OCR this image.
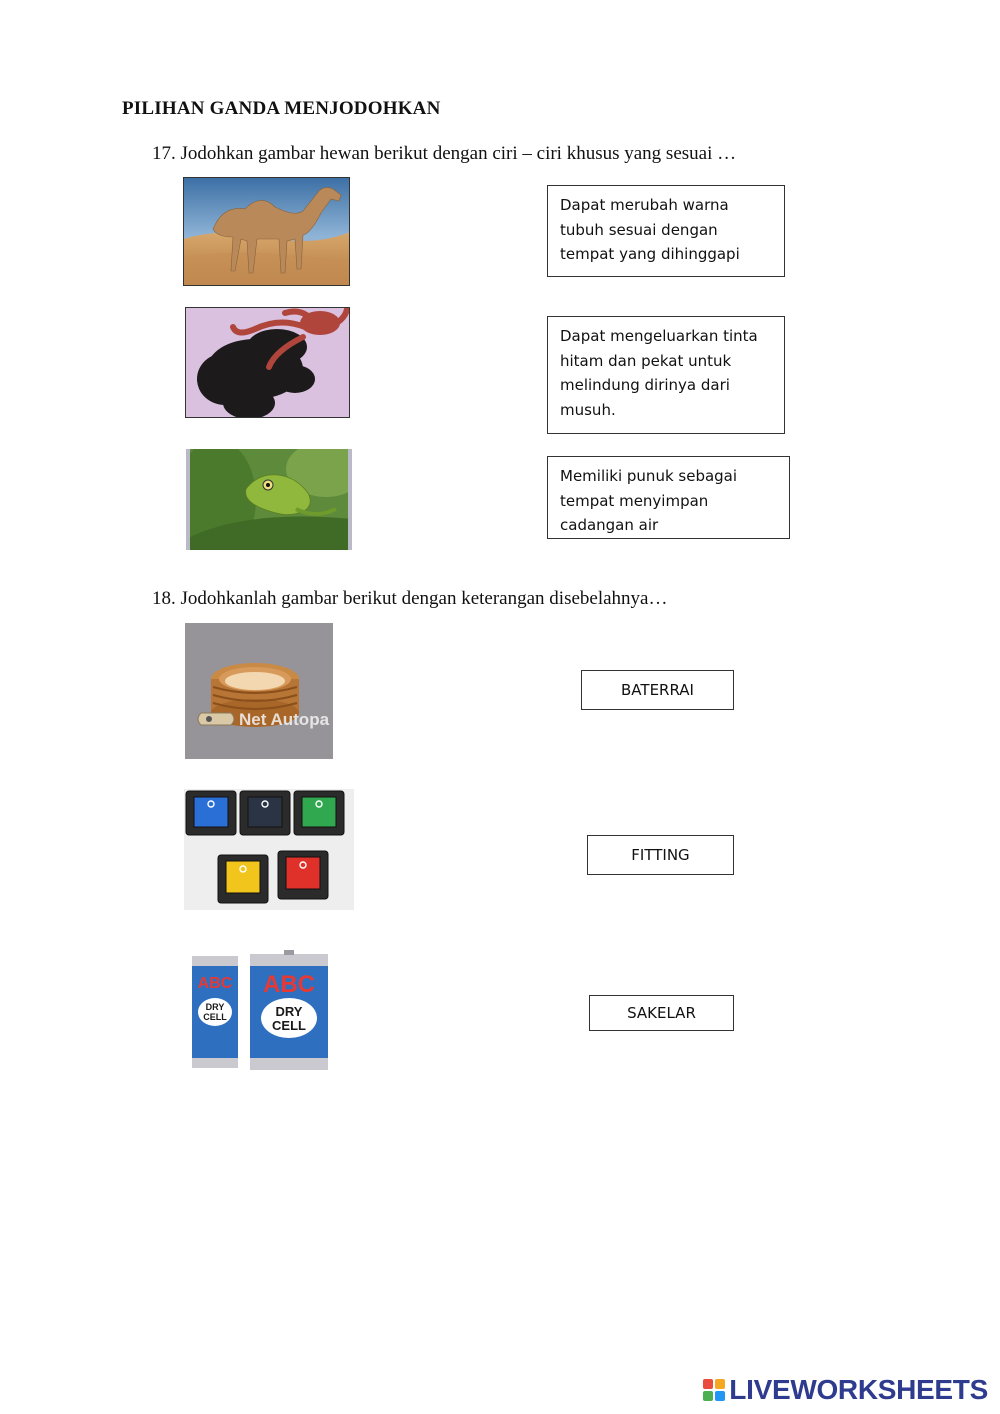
PILIHAN GANDA MENJODOHKAN
17. Jodohkan gambar hewan berikut dengan ciri – ciri khusus yang sesuai …
Dapat merubah warna
tubuh sesuai dengan
tempat yang dihinggapi
Dapat mengeluarkan tinta
hitam dan pekat untuk
melindung dirinya dari
musuh.
Memiliki punuk sebagai
tempat menyimpan
cadangan air
18. Jodohkanlah gambar berikut dengan keterangan disebelahnya…
Net Autopa
ABC ABC
DRY
CELL	DRY
CELL
BATERRAI
FITTING
SAKELAR
LIVEWORKSHEETS
